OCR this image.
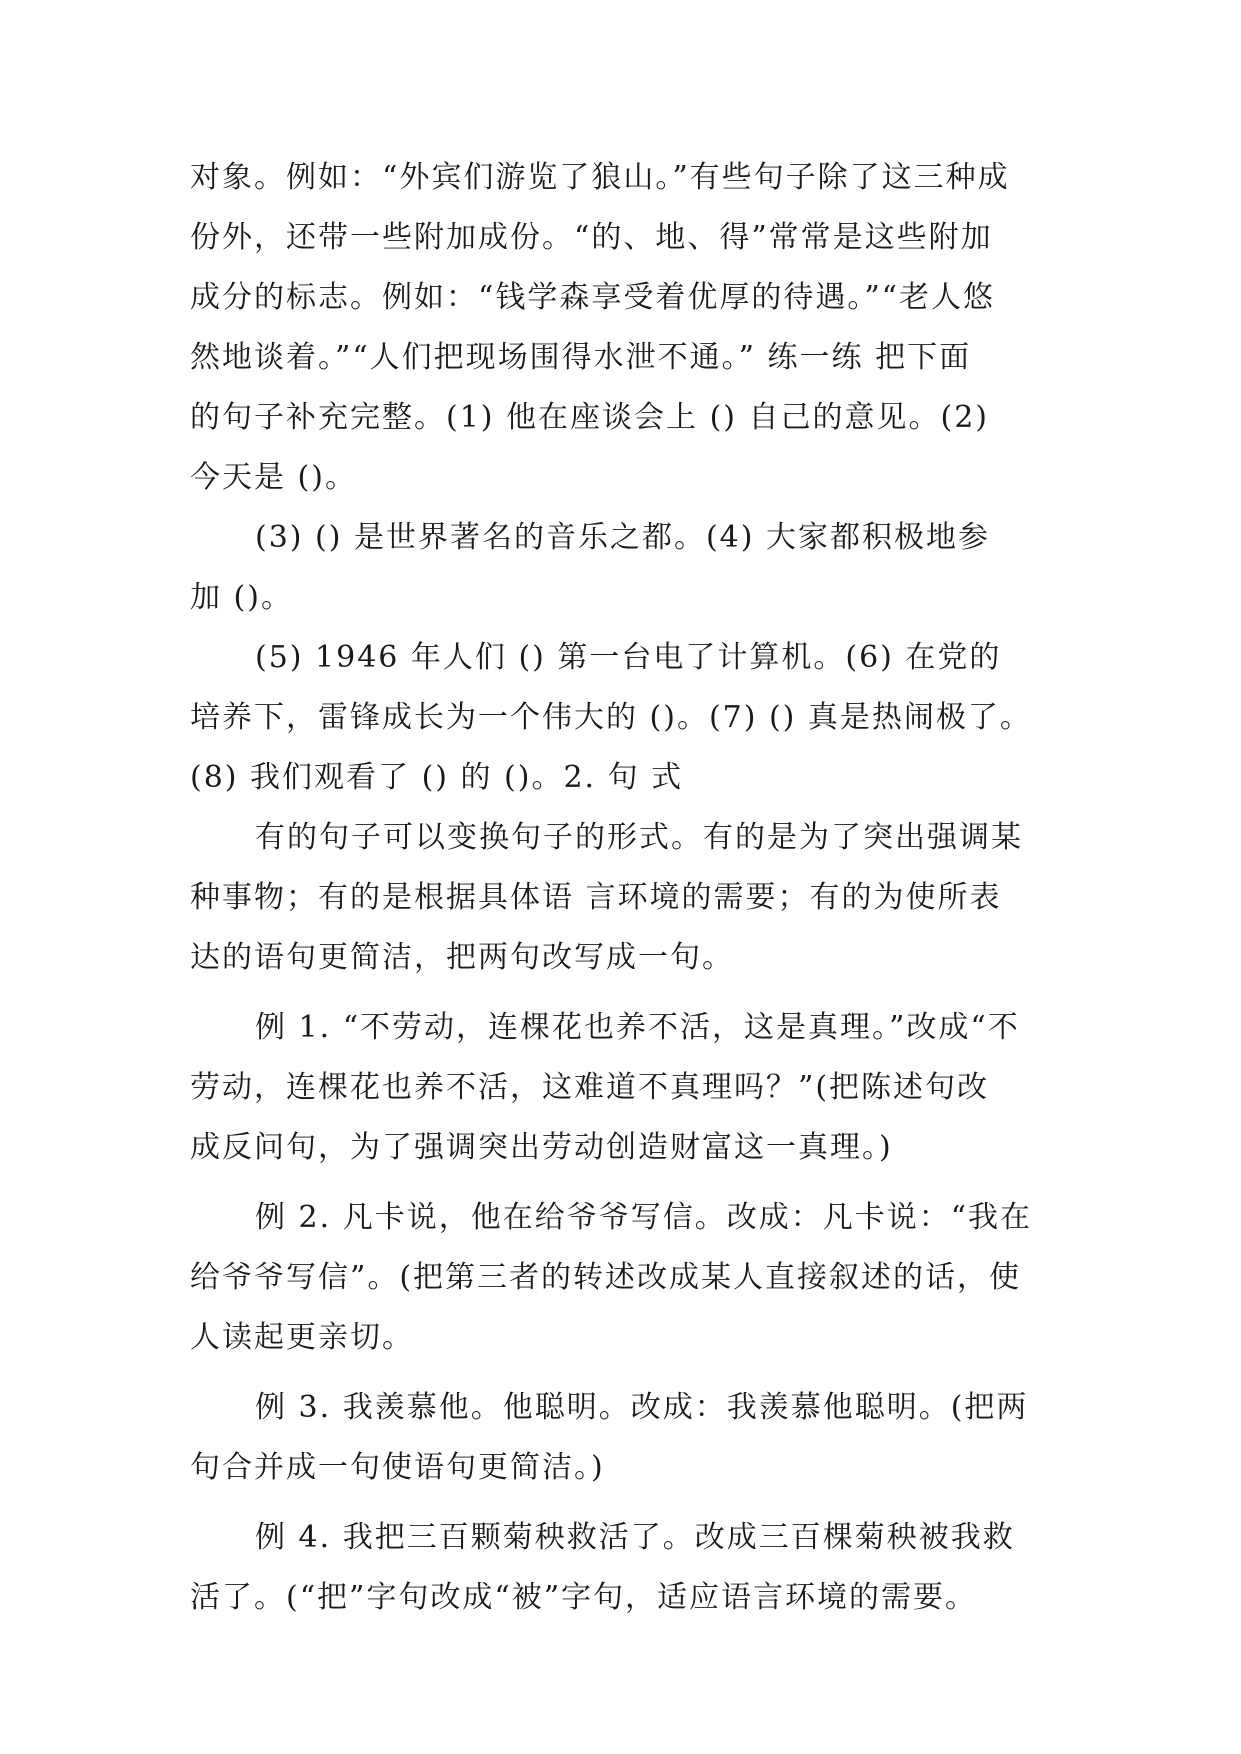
对象。例如：“外宾们游览了狼山。”有些句子除了这三种成
份外，还带一些附加成份。“的、地、得”常常是这些附加
成分的标志。例如：“钱学森享受着优厚的待遇。”“老人悠
然地谈着。”“人们把现场围得水泄不通。” 练一练 把下面
的句子补充完整。(1) 他在座谈会上 () 自己的意见。(2)
今天是 ()。
(3) () 是世界著名的音乐之都。(4) 大家都积极地参
加 ()。
(5) 1946 年人们 () 第一台电了计算机。(6) 在党的
培养下，雷锋成长为一个伟大的 ()。(7) () 真是热闹极了。
(8) 我们观看了 () 的 ()。2. 句 式
有的句子可以变换句子的形式。有的是为了突出强调某
种事物；有的是根据具体语 言环境的需要；有的为使所表
达的语句更简洁，把两句改写成一句。
例 1. “不劳动，连棵花也养不活，这是真理。”改成“不
劳动，连棵花也养不活，这难道不真理吗？”(把陈述句改
成反问句，为了强调突出劳动创造财富这一真理。)
例 2. 凡卡说，他在给爷爷写信。改成：凡卡说：“我在
给爷爷写信”。(把第三者的转述改成某人直接叙述的话，使
人读起更亲切。
例 3. 我羡慕他。他聪明。改成：我羡慕他聪明。(把两
句合并成一句使语句更简洁。)
例 4. 我把三百颗菊秧救活了。改成三百棵菊秧被我救
活了。(“把”字句改成“被”字句，适应语言环境的需要。
